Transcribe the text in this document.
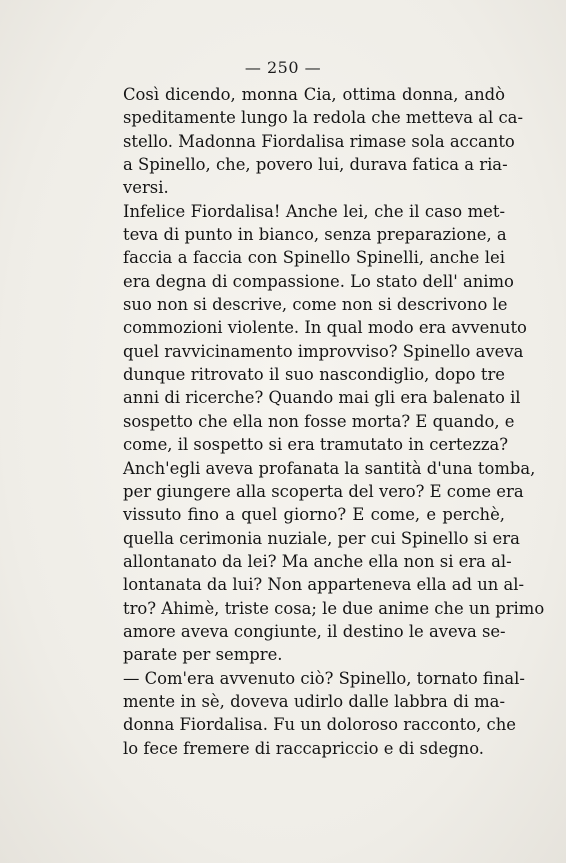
— 250 —
Così dicendo, monna Cia, ottima donna, andò
speditamente lungo la redola che metteva al ca-
stello. Madonna Fiordalisa rimase sola accanto
a Spinello, che, povero lui, durava fatica a ria-
versi.
Infelice Fiordalisa! Anche lei, che il caso met-
teva di punto in bianco, senza preparazione, a
faccia a faccia con Spinello Spinelli, anche lei
era degna di compassione. Lo stato dell' animo
suo non si descrive, come non si descrivono le
commozioni violente. In qual modo era avvenuto
quel ravvicinamento improvviso? Spinello aveva
dunque ritrovato il suo nascondiglio, dopo tre
anni di ricerche? Quando mai gli era balenato il
sospetto che ella non fosse morta? E quando, e
come, il sospetto si era tramutato in certezza?
Anch'egli aveva profanata la santità d'una tomba,
per giungere alla scoperta del vero? E come era
vissuto fino a quel giorno? E come, e perchè,
quella cerimonia nuziale, per cui Spinello si era
allontanato da lei? Ma anche ella non si era al-
lontanata da lui? Non apparteneva ella ad un al-
tro? Ahimè, triste cosa; le due anime che un primo
amore aveva congiunte, il destino le aveva se-
parate per sempre.
— Com'era avvenuto ciò? Spinello, tornato final-
mente in sè, doveva udirlo dalle labbra di ma-
donna Fiordalisa. Fu un doloroso racconto, che
lo fece fremere di raccapriccio e di sdegno.
